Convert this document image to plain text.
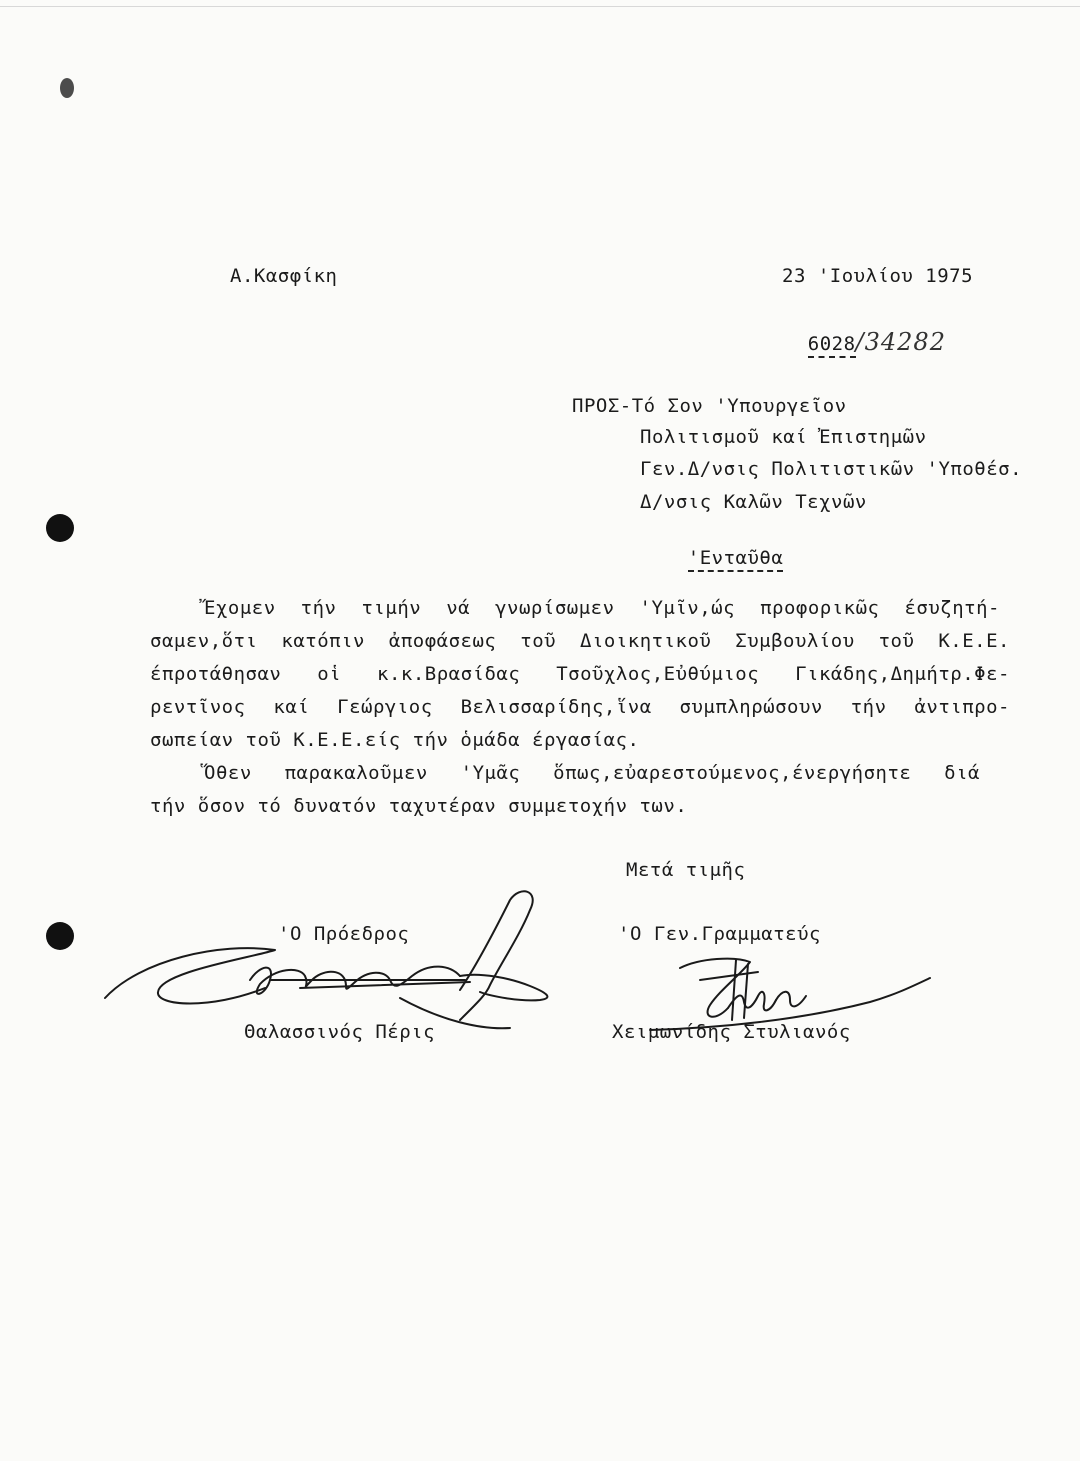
Α.Κασφίκη	23 'Ιουλίου 1975

6028/34282

ΠΡΟΣ-Τό Σον 'Υπουργεῖον
Πολιτισμοῦ καί Ἐπιστημῶν
Γεν.Δ/νσις Πολιτιστικῶν 'Υποθέσ.
Δ/νσις Καλῶν Τεχνῶν

'Ενταῦθα

Ἔχομεν τήν τιμήν νά γνωρίσωμεν 'Υμῖν,ώς προφορικῶς έσυζητή-
σαμεν,ὅτι κατόπιν ἀποφάσεως τοῦ Διοικητικοῦ Συμβουλίου τοῦ Κ.Ε.Ε.
έπροτάθησαν οἱ κ.κ.Βρασίδας Τσοῦχλος,Εὐθύμιος Γικάδης,Δημήτρ.Φε-
ρεντῖνος καί Γεώργιος Βελισσαρίδης,ἵνα συμπληρώσουν τήν ἀντιπρο-
σωπείαν τοῦ Κ.Ε.Ε.είς τήν ὁμάδα έργασίας.
Ὅθεν παρακαλοῦμεν 'Υμᾶς ὅπως,εὐαρεστούμενος,ένεργήσητε διά
τήν ὅσον τό δυνατόν ταχυτέραν συμμετοχήν των.
Μετά τιμῆς
'Ο Πρόεδρος	'Ο Γεν.Γραμματεύς
Θαλασσινός Πέρις	Χειμωνίδης Στυλιανός
